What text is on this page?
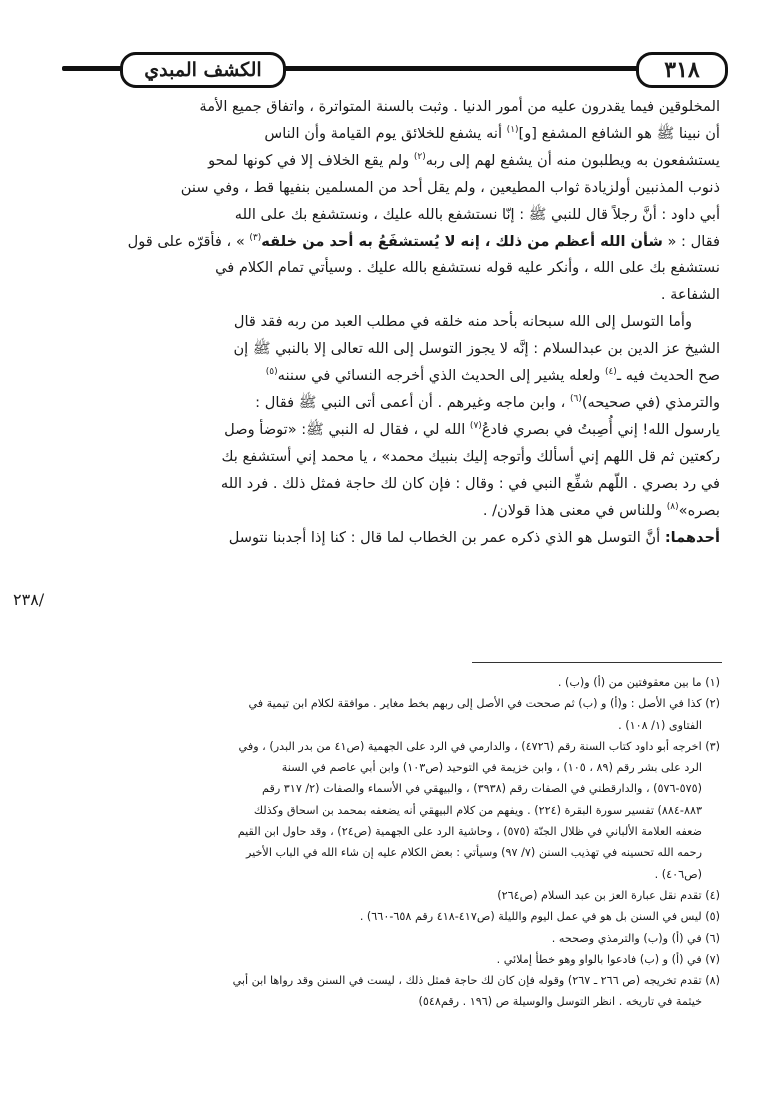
الكشف المبدي	٣١٨

المخلوقين فيما يقدرون عليه من أمور الدنيا . وثبت بالسنة المتواترة ، واتفاق جميع الأمة

أن نبينا ﷺ هو الشافع المشفع [و]$^{(١)}$ أنه يشفع للخلائق يوم القيامة وأن الناس

يستشفعون به ويطلبون منه أن يشفع لهم إلى ربه$^{(٢)}$ ولم يقع الخلاف إلا في كونها لمحو

ذنوب المذنبين أولزيادة ثواب المطيعين ، ولم يقل أحد من المسلمين بنفيها قط ، وفي سنن

أبي داود : أنَّ رجلاً قال للنبي ﷺ : إنّا نستشفع بالله عليك ، ونستشفع بك على الله

فقال : « شأن الله أعظم من ذلك ، إنه لا يُستشفَعُ به أحد من خلقه$^{(٣)}$ » ، فأقرّه على قول

نستشفع بك على الله ، وأنكر عليه قوله نستشفع بالله عليك . وسيأتي تمام الكلام في

الشفاعة .

وأما التوسل إلى الله سبحانه بأحد منه خلقه في مطلب العبد من ربه فقد قال

الشيخ عز الدين بن عبدالسلام : إنَّه لا يجوز التوسل إلى الله تعالى إلا بالنبي ﷺ إن

صح الحديث فيه ـ$^{(٤)}$ ولعله يشير إلى الحديث الذي أخرجه النسائي في سننه$^{(٥)}$

والترمذي (في صحيحه)$^{(٦)}$ ، وابن ماجه وغيرهم . أن أعمى أتى النبي ﷺ فقال :

يارسول الله! إني أُصِبتُ في بصري فادعُ$^{(٧)}$ الله لي ، فقال له النبي ﷺ: «توضأ وصل

ركعتين ثم قل اللهم إني أسألك وأتوجه إليك بنبيك محمد» ، يا محمد إني أستشفع بك

في رد بصري . اللّهم شفِّع النبي في : وقال : فإن كان لك حاجة فمثل ذلك . فرد الله

بصره»$^{(٨)}$ وللناس في معنى هذا قولان/ .

أحدهما: أنَّ التوسل هو الذي ذكره عمر بن الخطاب لما قال : كنا إذا أجدبنا نتوسل

٢٣٨/

(١) ما بين معقوفتين من (أ) و(ب) .

(٢) كذا في الأصل : و(أ) و (ب) ثم صححت في الأصل إلى ربهم بخط مغاير . موافقة لكلام ابن تيمية في

الفتاوى (١/ ١٠٨) .

(٣) اخرجه أبو داود كتاب السنة رقم (٤٧٢٦) ، والدارمي في الرد على الجهمية (ص٤١ من بدر البدر) ، وفي

الرد على بشر رقم (٨٩ ، ١٠٥) ، وابن خزيمة في التوحيد (ص١٠٣) وابن أبي عاصم في السنة

(٥٧٥-٥٧٦) ، والدارقطني في الصفات رقم (٣٩٣٨) ، والبيهقي في الأسماء والصفات (٢/ ٣١٧ رقم

٨٨٣-٨٨٤) تفسير سورة البقرة (٢٢٤) . ويفهم من كلام البيهقي أنه يضعفه بمحمد بن اسحاق وكذلك

ضعفه العلامة الألباني في ظلال الجنّة (٥٧٥) ، وحاشية الرد على الجهمية (ص٢٤) ، وقد حاول ابن القيم

رحمه الله تحسينه في تهذيب السنن (٧/ ٩٧) وسيأتي : بعض الكلام عليه إن شاء الله في الباب الأخير

(ص٤٠٦) .

(٤) تقدم نقل عبارة العز بن عبد السلام (ص٢٦٤)

(٥) ليس في السنن بل هو في عمل اليوم والليلة (ص٤١٧-٤١٨ رقم ٦٥٨-٦٦٠) .

(٦) في (أ) و(ب) والترمذي وصححه .

(٧) في (أ) و (ب) فادعوا بالواو وهو خطأ إملائي .

(٨) تقدم تخريجه (ص ٢٦٦ ـ ٢٦٧) وقوله فإن كان لك حاجة فمثل ذلك ، ليست في السنن وقد رواها ابن أبي

خيثمة في تاريخه . انظر التوسل والوسيلة ص (١٩٦ . رقم٥٤٨)
